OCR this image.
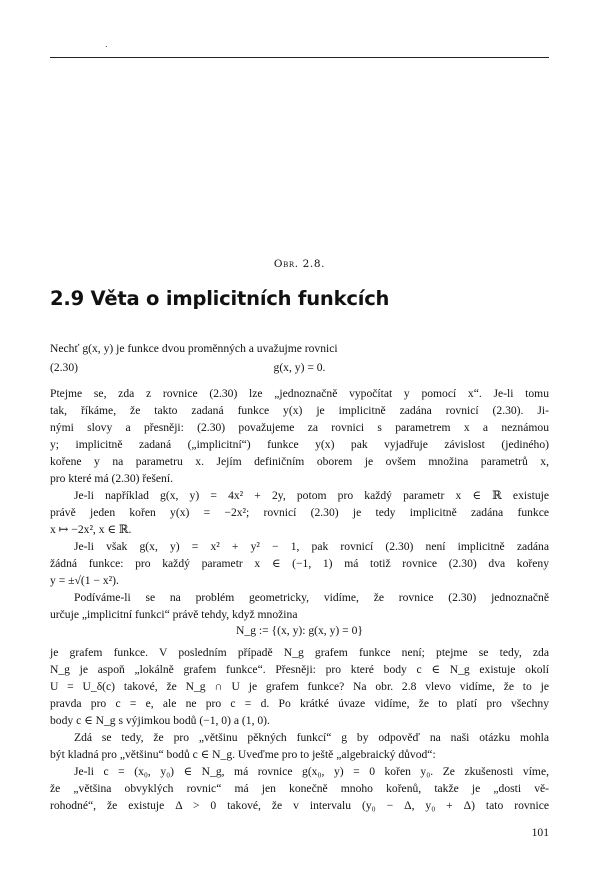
.
Obr. 2.8.
2.9 Věta o implicitních funkcích
Nechť g(x, y) je funkce dvou proměnných a uvažujme rovnici
(2.30)	g(x, y) = 0.
Ptejme se, zda z rovnice (2.30) lze „jednoznačně vypočítat y pomocí x“. Je-li tomu
tak, říkáme, že takto zadaná funkce y(x) je implicitně zadána rovnicí (2.30). Ji-
nými slovy a přesněji: (2.30) považujeme za rovnici s parametrem x a neznámou
y; implicitně zadaná („implicitní“) funkce y(x) pak vyjadřuje závislost (jediného)
kořene y na parametru x. Jejím definičním oborem je ovšem množina parametrů x,
pro které má (2.30) řešení.
Je-li například g(x, y) = 4x² + 2y, potom pro každý parametr x ∈ ℝ existuje
právě jeden kořen y(x) = −2x²; rovnicí (2.30) je tedy implicitně zadána funkce
x ↦ −2x², x ∈ ℝ.
Je-li však g(x, y) = x² + y² − 1, pak rovnicí (2.30) není implicitně zadána
žádná funkce: pro každý parametr x ∈ (−1, 1) má totiž rovnice (2.30) dva kořeny
y = ±√(1 − x²).
Podíváme-li se na problém geometricky, vidíme, že rovnice (2.30) jednoznačně
určuje „implicitní funkci“ právě tehdy, když množina
N_g := {(x, y): g(x, y) = 0}
je grafem funkce. V posledním případě N_g grafem funkce není; ptejme se tedy, zda
N_g je aspoň „lokálně grafem funkce“. Přesněji: pro které body c ∈ N_g existuje okolí
U = U_δ(c) takové, že N_g ∩ U je grafem funkce? Na obr. 2.8 vlevo vidíme, že to je
pravda pro c = e, ale ne pro c = d. Po krátké úvaze vidíme, že to platí pro všechny
body c ∈ N_g s výjimkou bodů (−1, 0) a (1, 0).
Zdá se tedy, že pro „většinu pěkných funkcí“ g by odpověď na naši otázku mohla
být kladná pro „většinu“ bodů c ∈ N_g. Uveďme pro to ještě „algebraický důvod“:
Je-li c = (x₀, y₀) ∈ N_g, má rovnice g(x₀, y) = 0 kořen y₀. Ze zkušenosti víme,
že „většina obvyklých rovnic“ má jen konečně mnoho kořenů, takže je „dosti vě-
rohodné“, že existuje Δ > 0 takové, že v intervalu (y₀ − Δ, y₀ + Δ) tato rovnice
101
